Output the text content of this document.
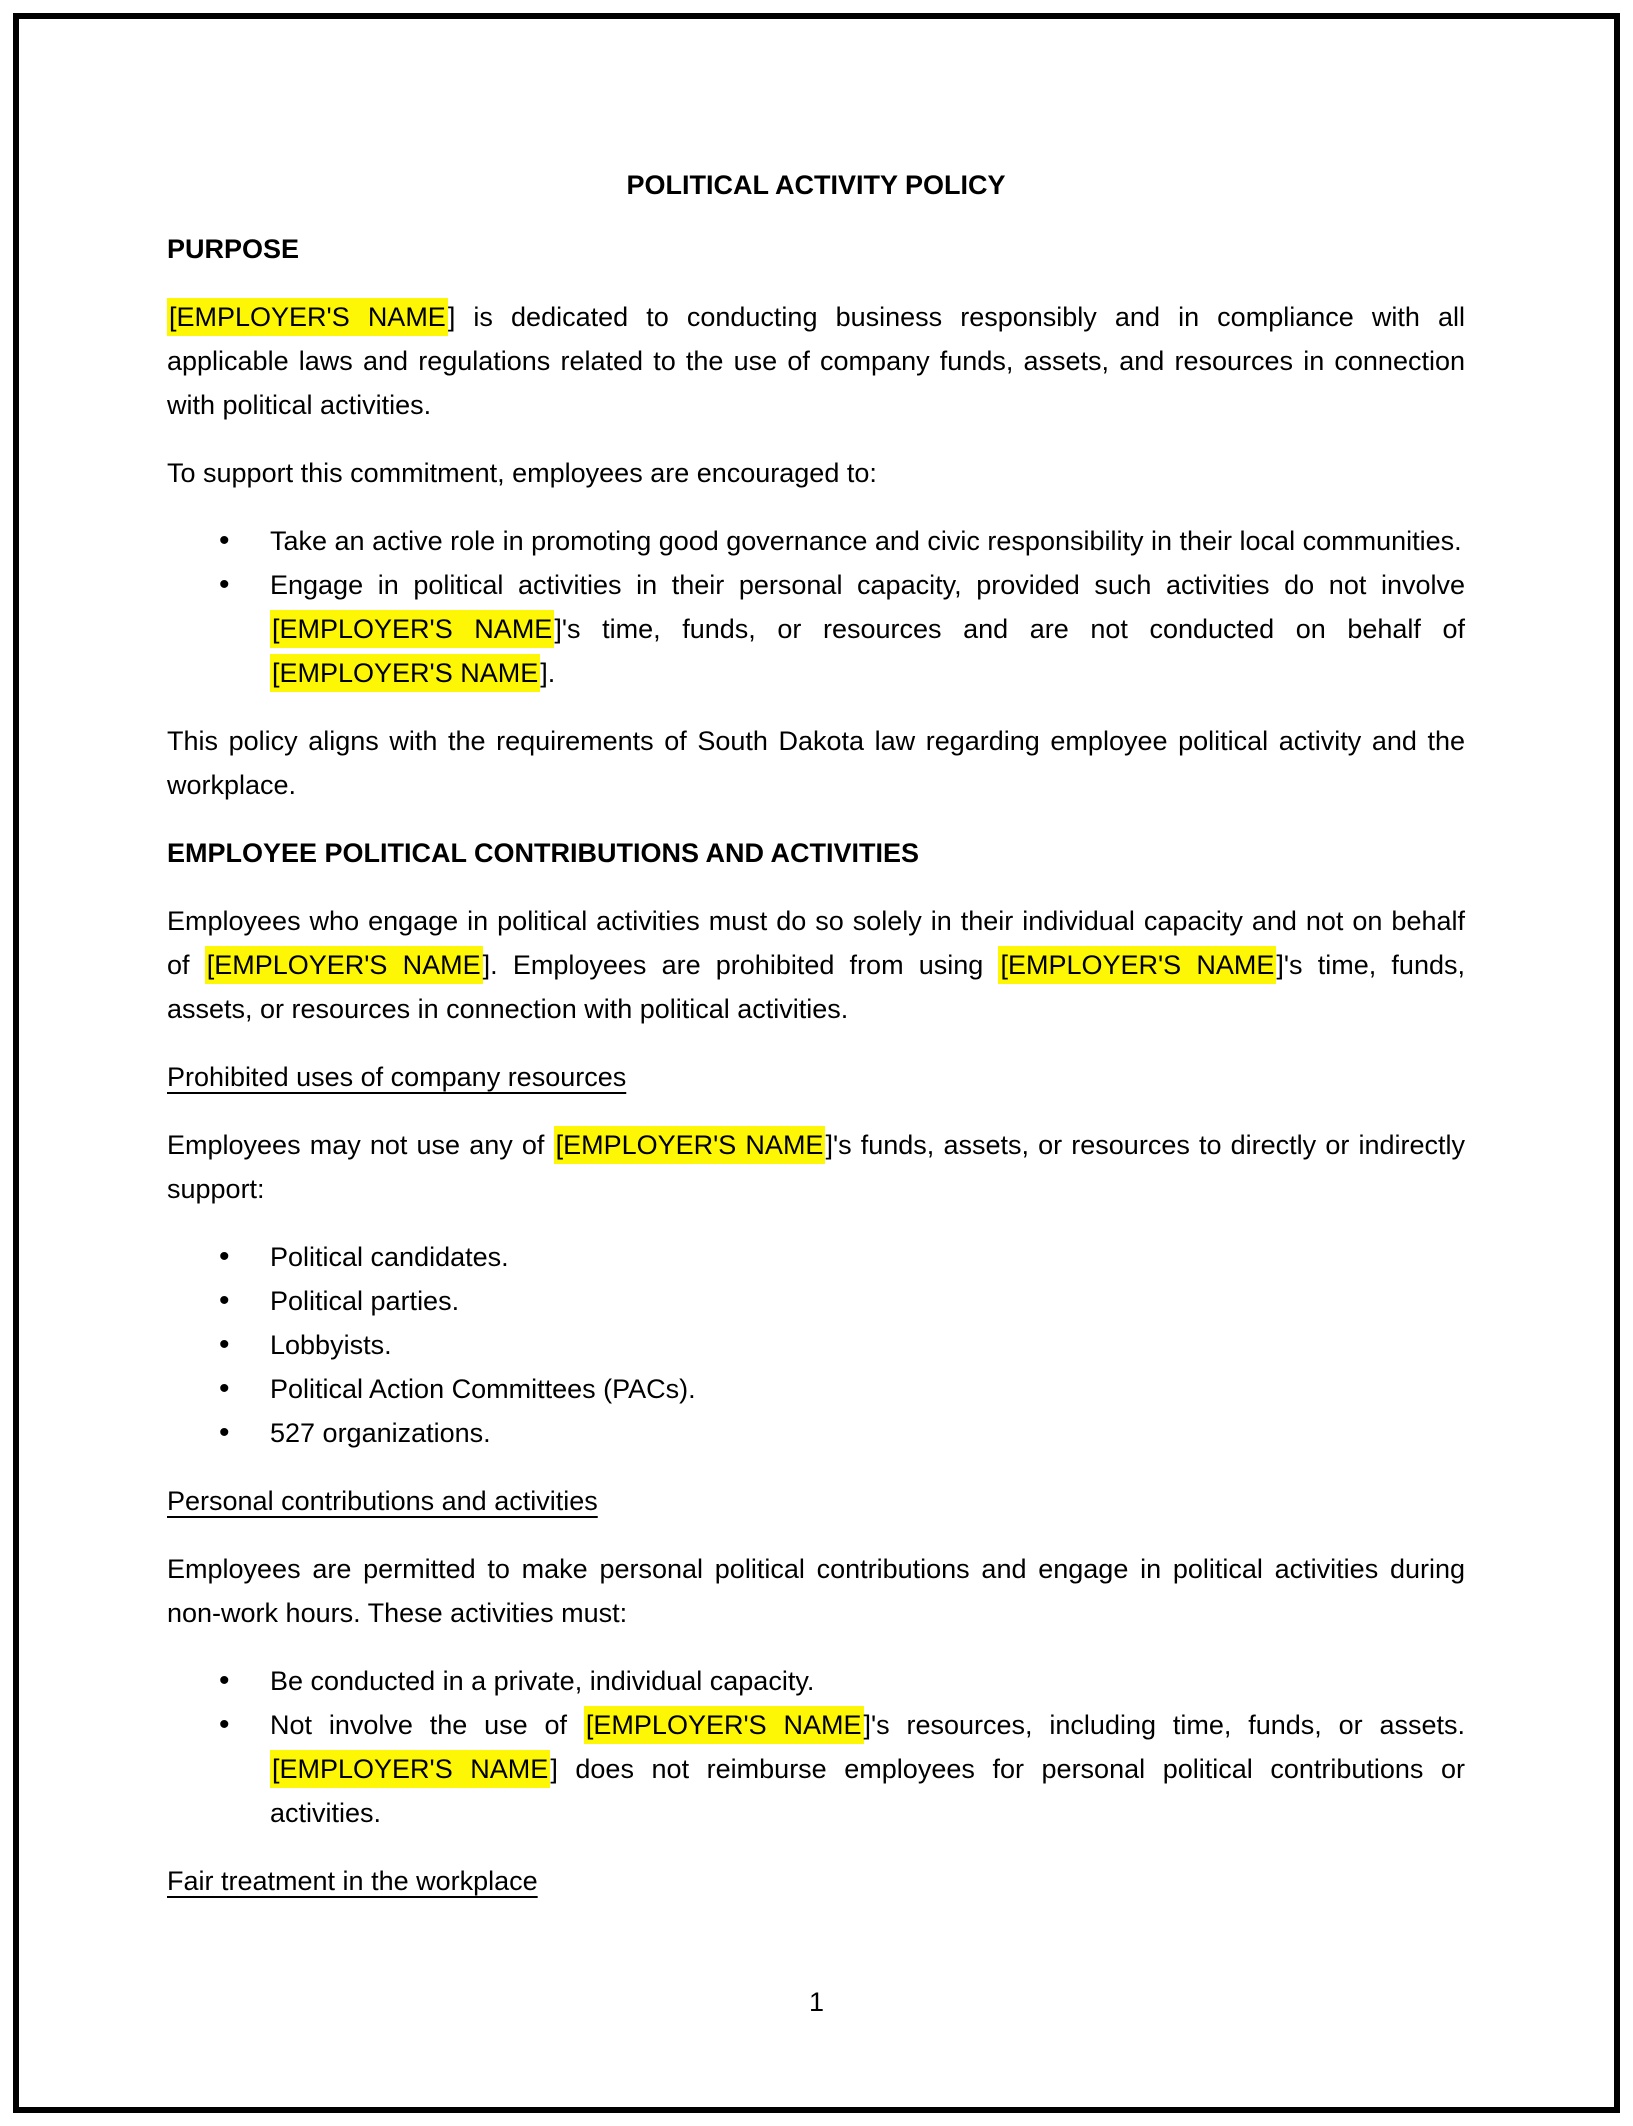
POLITICAL ACTIVITY POLICY
PURPOSE

[EMPLOYER'S NAME] is dedicated to conducting business responsibly and in compliance with all applicable laws and regulations related to the use of company funds, assets, and resources in connection with political activities.

To support this commitment, employees are encouraged to:

• Take an active role in promoting good governance and civic responsibility in their local communities.
• Engage in political activities in their personal capacity, provided such activities do not involve [EMPLOYER'S NAME]'s time, funds, or resources and are not conducted on behalf of [EMPLOYER'S NAME].

This policy aligns with the requirements of South Dakota law regarding employee political activity and the workplace.

EMPLOYEE POLITICAL CONTRIBUTIONS AND ACTIVITIES

Employees who engage in political activities must do so solely in their individual capacity and not on behalf of [EMPLOYER'S NAME]. Employees are prohibited from using [EMPLOYER'S NAME]'s time, funds, assets, or resources in connection with political activities.

Prohibited uses of company resources

Employees may not use any of [EMPLOYER'S NAME]'s funds, assets, or resources to directly or indirectly support:

• Political candidates.
• Political parties.
• Lobbyists.
• Political Action Committees (PACs).
• 527 organizations.
Personal contributions and activities

Employees are permitted to make personal political contributions and engage in political activities during non-work hours. These activities must:

• Be conducted in a private, individual capacity.
• Not involve the use of [EMPLOYER'S NAME]'s resources, including time, funds, or assets. [EMPLOYER'S NAME] does not reimburse employees for personal political contributions or activities.
Fair treatment in the workplace
1
